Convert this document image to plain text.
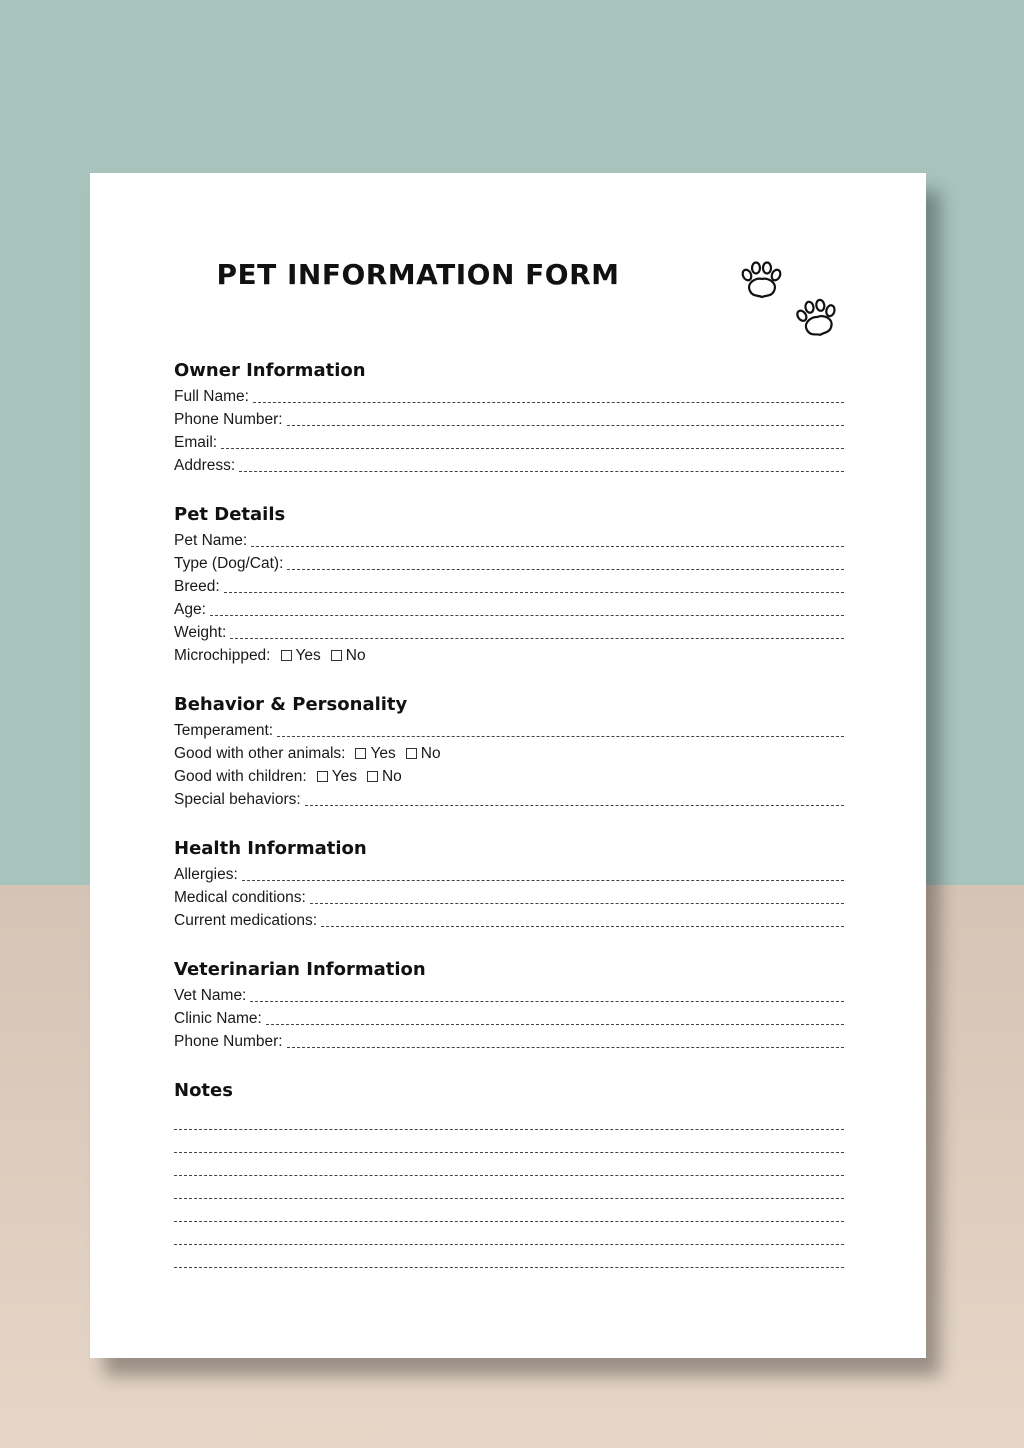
PET INFORMATION FORM
Owner Information
Full Name:
Phone Number:
Email:
Address:
Pet Details
Pet Name:
Type (Dog/Cat):
Breed:
Age:
Weight:
Microchipped: Yes No
Behavior & Personality
Temperament:
Good with other animals: Yes No
Good with children: Yes No
Special behaviors:
Health Information
Allergies:
Medical conditions:
Current medications:
Veterinarian Information
Vet Name:
Clinic Name:
Phone Number:
Notes
